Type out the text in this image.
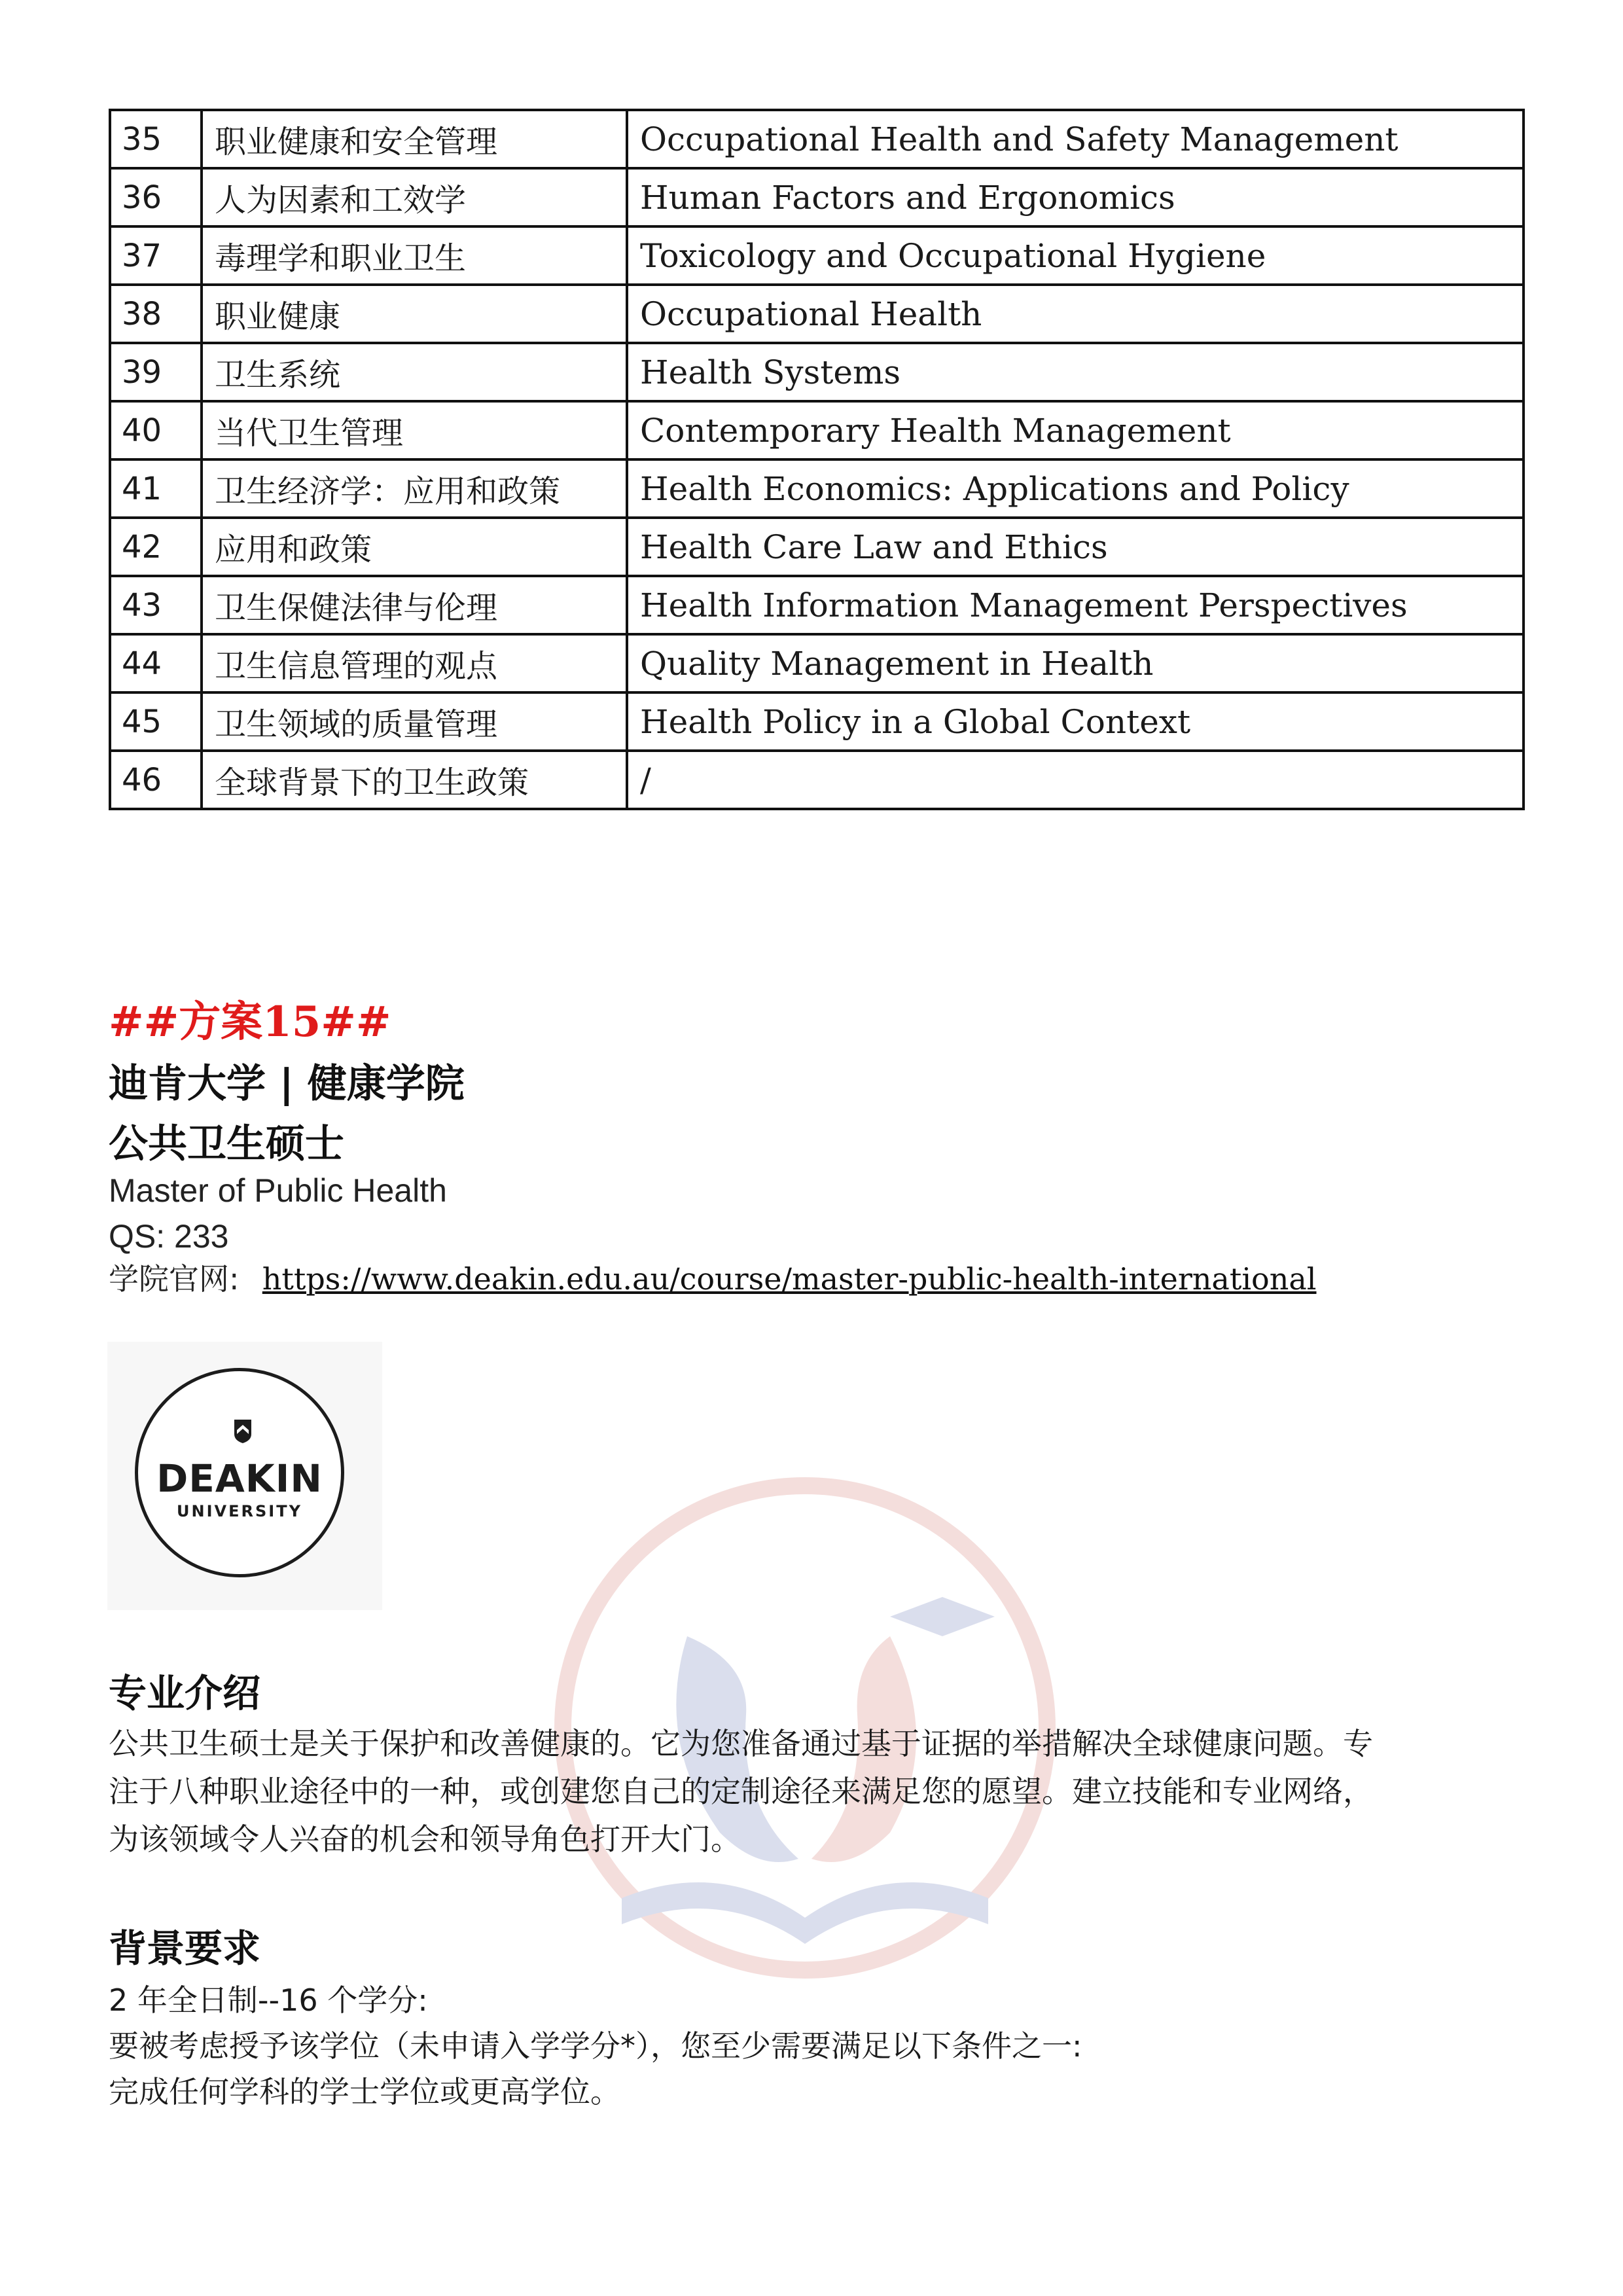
35	职业健康和安全管理	Occupational Health and Safety Management
36	人为因素和工效学	Human Factors and Ergonomics
37	毒理学和职业卫生	Toxicology and Occupational Hygiene
38	职业健康	Occupational Health
39	卫生系统	Health Systems
40	当代卫生管理	Contemporary Health Management
41	卫生经济学：应用和政策	Health Economics: Applications and Policy
42	应用和政策	Health Care Law and Ethics
43	卫生保健法律与伦理	Health Information Management Perspectives
44	卫生信息管理的观点	Quality Management in Health
45	卫生领域的质量管理	Health Policy in a Global Context
46	全球背景下的卫生政策	/
##方案15##
迪肯大学 | 健康学院
公共卫生硕士
Master of Public Health
QS: 233
学院官网: https://www.deakin.edu.au/course/master-public-health-international
DEAKIN
UNIVERSITY
专业介绍
公共卫生硕士是关于保护和改善健康的。它为您准备通过基于证据的举措解决全球健康问题。专
注于八种职业途径中的一种，或创建您自己的定制途径来满足您的愿望。建立技能和专业网络，
为该领域令人兴奋的机会和领导角色打开大门。
背景要求
2 年全日制--16 个学分:
要被考虑授予该学位（未申请入学学分*），您至少需要满足以下条件之一:
完成任何学科的学士学位或更高学位。
